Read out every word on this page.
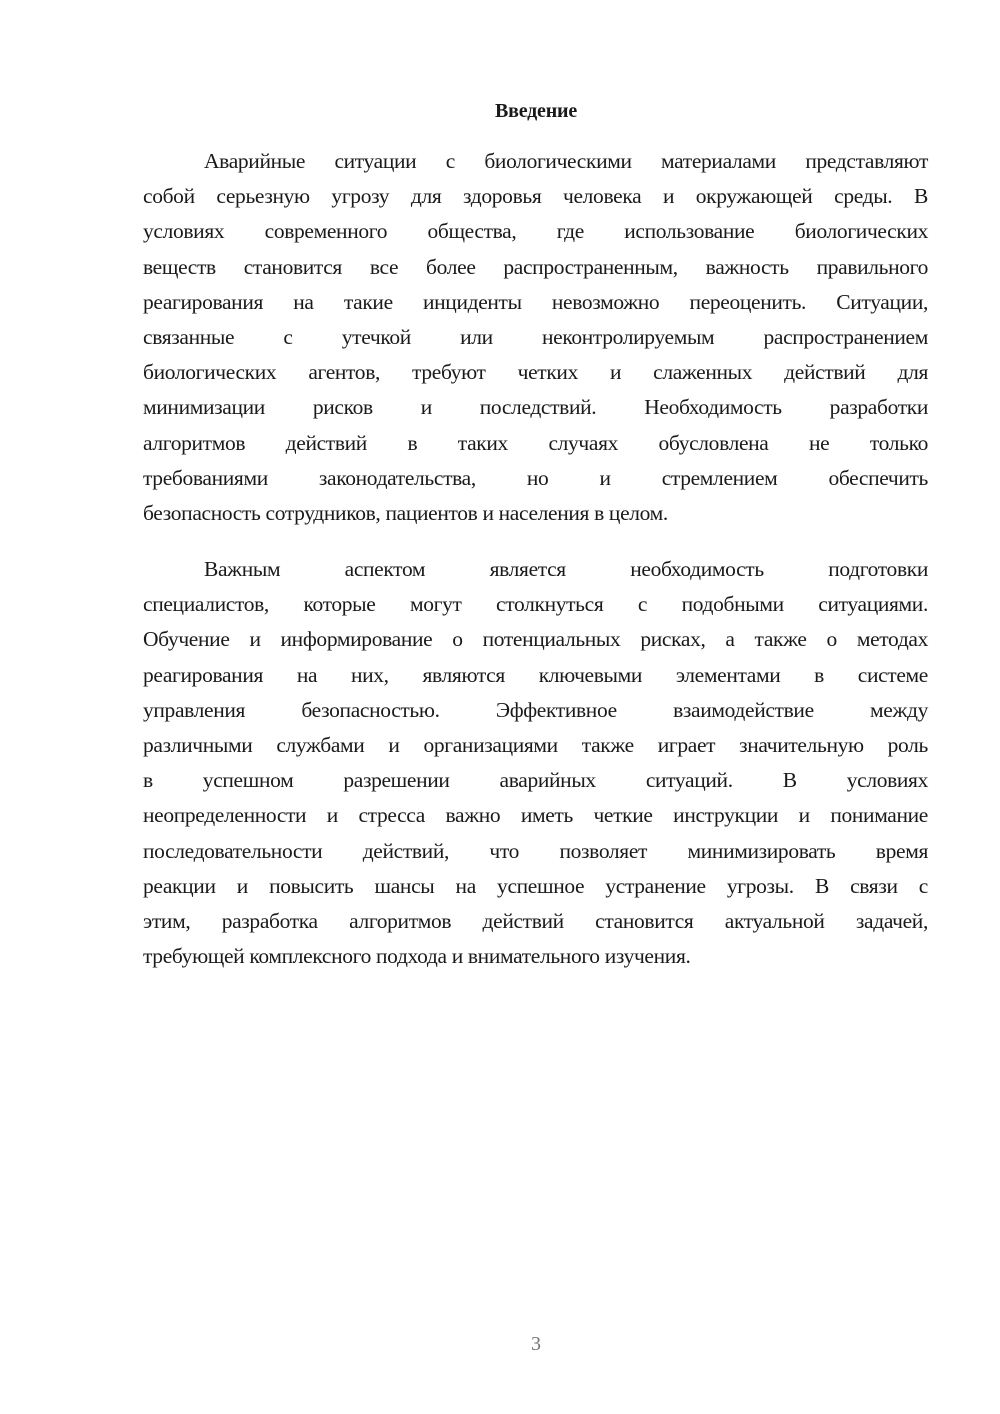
Введение
Аварийные ситуации с биологическими материалами представляют
собой серьезную угрозу для здоровья человека и окружающей среды. В
условиях современного общества, где использование биологических
веществ становится все более распространенным, важность правильного
реагирования на такие инциденты невозможно переоценить. Ситуации,
связанные с утечкой или неконтролируемым распространением
биологических агентов, требуют четких и слаженных действий для
минимизации рисков и последствий. Необходимость разработки
алгоритмов действий в таких случаях обусловлена не только
требованиями законодательства, но и стремлением обеспечить
безопасность сотрудников, пациентов и населения в целом.
Важным аспектом является необходимость подготовки
специалистов, которые могут столкнуться с подобными ситуациями.
Обучение и информирование о потенциальных рисках, а также о методах
реагирования на них, являются ключевыми элементами в системе
управления безопасностью. Эффективное взаимодействие между
различными службами и организациями также играет значительную роль
в успешном разрешении аварийных ситуаций. В условиях
неопределенности и стресса важно иметь четкие инструкции и понимание
последовательности действий, что позволяет минимизировать время
реакции и повысить шансы на успешное устранение угрозы. В связи с
этим, разработка алгоритмов действий становится актуальной задачей,
требующей комплексного подхода и внимательного изучения.
3
